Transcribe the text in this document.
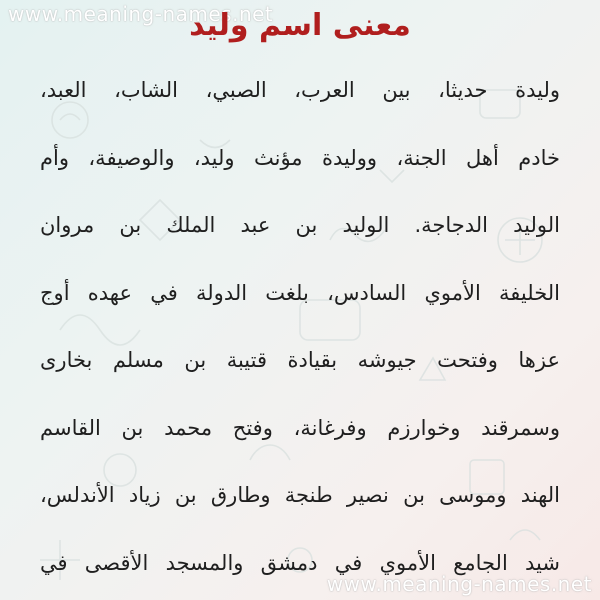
www.meaning-names.net
معنى اسم وليد
وليدة حديثا، بين العرب، الصبي، الشاب، العبد،
خادم أهل الجنة، ووليدة مؤنث وليد، والوصيفة، وأم
الوليد الدجاجة. الوليد بن عبد الملك بن مروان
الخليفة الأموي السادس، بلغت الدولة في عهده أوج
عزها وفتحت جيوشه بقيادة قتيبة بن مسلم بخارى
وسمرقند وخوارزم وفرغانة، وفتح محمد بن القاسم
الهند وموسى بن نصير طنجة وطارق بن زياد الأندلس،
شيد الجامع الأموي في دمشق والمسجد الأقصى في
www.meaning-names.net
